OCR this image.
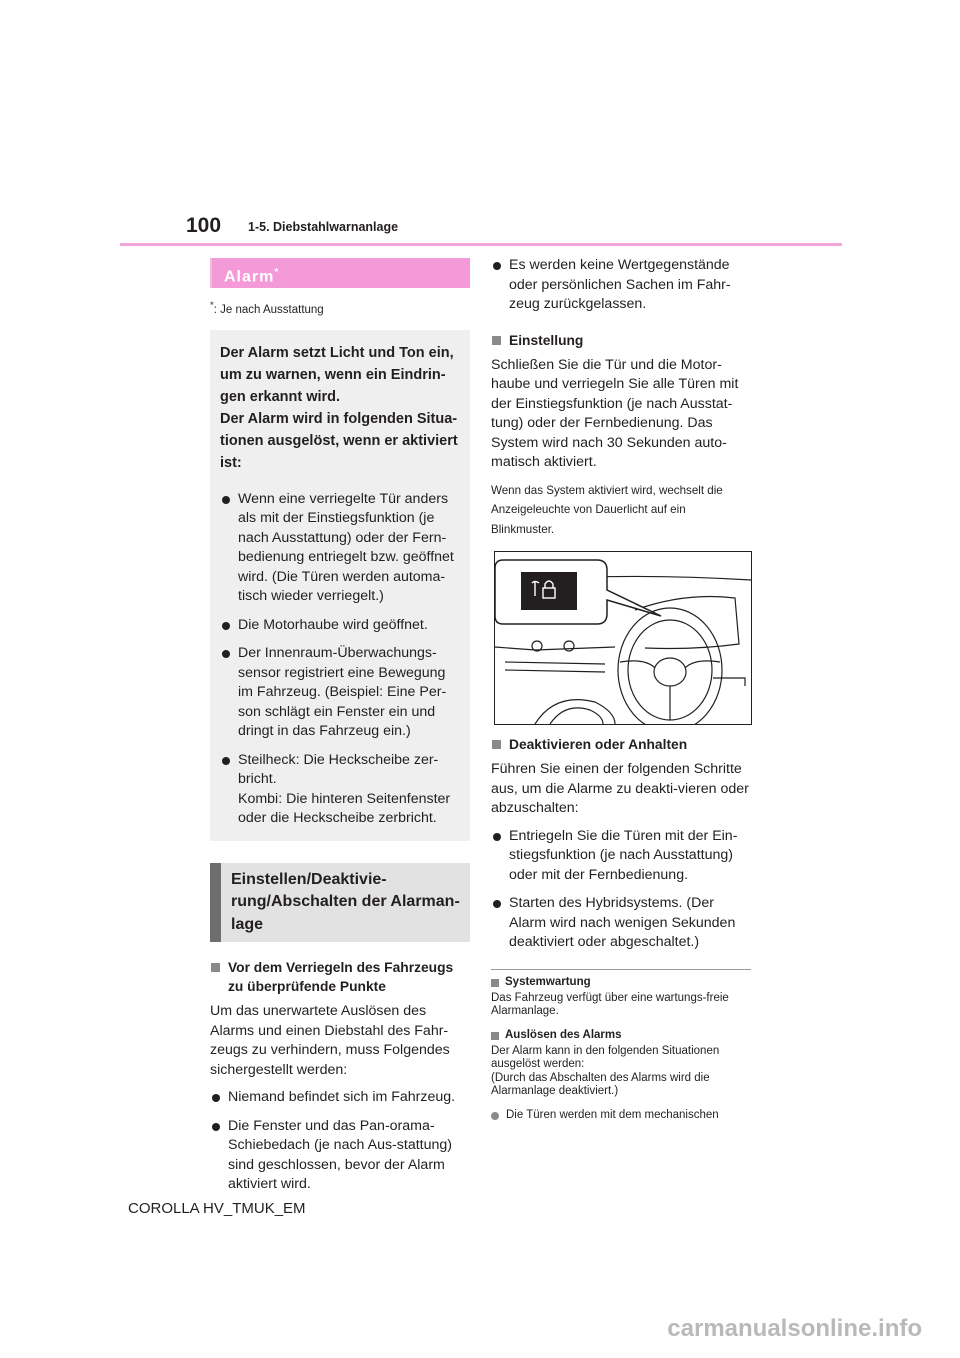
100 1-5. Diebstahlwarnanlage
Alarm*

*: Je nach Ausstattung

Der Alarm setzt Licht und Ton ein,
um zu warnen, wenn ein Eindrin-
gen erkannt wird.
Der Alarm wird in folgenden Situa-
tionen ausgelöst, wenn er aktiviert
ist:
Wenn eine verriegelte Tür anders als mit der Einstiegsfunktion (je nach Ausstattung) oder der Fern-bedienung entriegelt bzw. geöffnet wird. (Die Türen werden automa-tisch wieder verriegelt.)
Die Motorhaube wird geöffnet.
Der Innenraum-Überwachungs-sensor registriert eine Bewegung im Fahrzeug. (Beispiel: Eine Per-son schlägt ein Fenster ein und dringt in das Fahrzeug ein.)
Steilheck: Die Heckscheibe zer-bricht.
Kombi: Die hinteren Seitenfenster oder die Heckscheibe zerbricht.
Einstellen/Deaktivie-rung/Abschalten der Alarman-lage
Vor dem Verriegeln des Fahrzeugs zu überprüfende Punkte

Um das unerwartete Auslösen des Alarms und einen Diebstahl des Fahr-zeugs zu verhindern, muss Folgendes sichergestellt werden:

Niemand befindet sich im Fahrzeug.
Die Fenster und das Pan-orama-Schiebedach (je nach Aus-stattung) sind geschlossen, bevor der Alarm aktiviert wird.
Es werden keine Wertgegenstände oder persönlichen Sachen im Fahr-zeug zurückgelassen.
Einstellung

Schließen Sie die Tür und die Motor-haube und verriegeln Sie alle Türen mit der Einstiegsfunktion (je nach Ausstat-tung) oder der Fernbedienung. Das System wird nach 30 Sekunden auto-matisch aktiviert.

Wenn das System aktiviert wird, wechselt die Anzeigeleuchte von Dauerlicht auf ein Blinkmuster.

Deaktivieren oder Anhalten

Führen Sie einen der folgenden Schritte aus, um die Alarme zu deakti-vieren oder abzuschalten:

Entriegeln Sie die Türen mit der Ein-stiegsfunktion (je nach Ausstattung) oder mit der Fernbedienung.
Starten des Hybridsystems. (Der Alarm wird nach wenigen Sekunden deaktiviert oder abgeschaltet.)
Systemwartung

Das Fahrzeug verfügt über eine wartungs-freie Alarmanlage.

Auslösen des Alarms

Der Alarm kann in den folgenden Situationen ausgelöst werden:
(Durch das Abschalten des Alarms wird die Alarmanlage deaktiviert.)

Die Türen werden mit dem mechanischen
COROLLA HV_TMUK_EM
carmanualsonline.info
